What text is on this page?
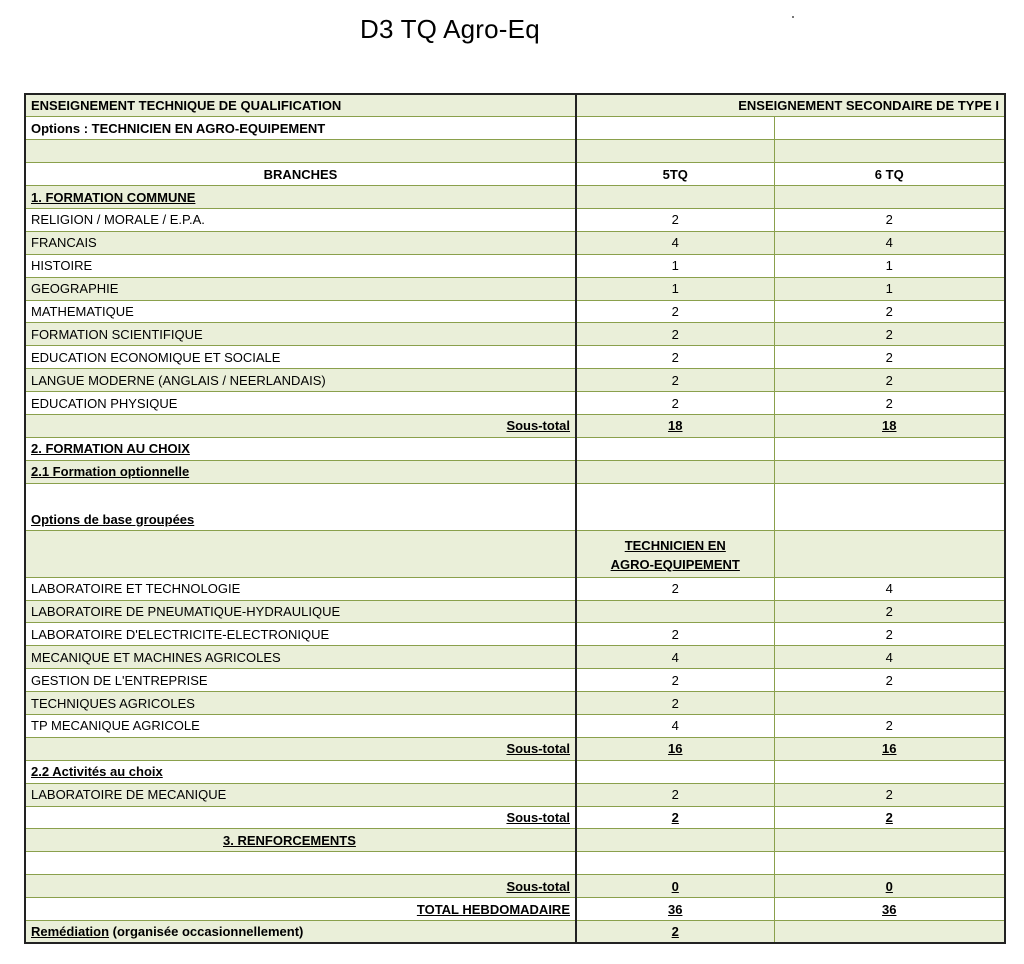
D3 TQ Agro-Eq
ENSEIGNEMENT TECHNIQUE DE QUALIFICATION	ENSEIGNEMENT SECONDAIRE DE TYPE I	
Options : TECHNICIEN EN AGRO-EQUIPEMENT		

BRANCHES	5TQ	6 TQ
1. FORMATION COMMUNE		
RELIGION / MORALE / E.P.A.	2	2
FRANCAIS	4	4
HISTOIRE	1	1
GEOGRAPHIE	1	1
MATHEMATIQUE	2	2
FORMATION SCIENTIFIQUE	2	2
EDUCATION ECONOMIQUE ET SOCIALE	2	2
LANGUE MODERNE (ANGLAIS / NEERLANDAIS)	2	2
EDUCATION PHYSIQUE	2	2
Sous-total	18	18
2. FORMATION AU CHOIX		
2.1 Formation optionnelle		
Options de base groupées		

	TECHNICIEN EN
AGRO-EQUIPEMENT	

LABORATOIRE ET TECHNOLOGIE	2	4
LABORATOIRE DE PNEUMATIQUE-HYDRAULIQUE		2
LABORATOIRE D'ELECTRICITE-ELECTRONIQUE	2	2
MECANIQUE ET MACHINES AGRICOLES	4	4
GESTION DE L'ENTREPRISE	2	2
TECHNIQUES AGRICOLES	2	
TP MECANIQUE AGRICOLE	4	2
Sous-total	16	16
2.2 Activités au choix		
LABORATOIRE DE MECANIQUE	2	2
Sous-total	2	2
3. RENFORCEMENTS		

Sous-total	0	0
TOTAL HEBDOMADAIRE	36	36
Remédiation (organisée occasionnellement)	2	
